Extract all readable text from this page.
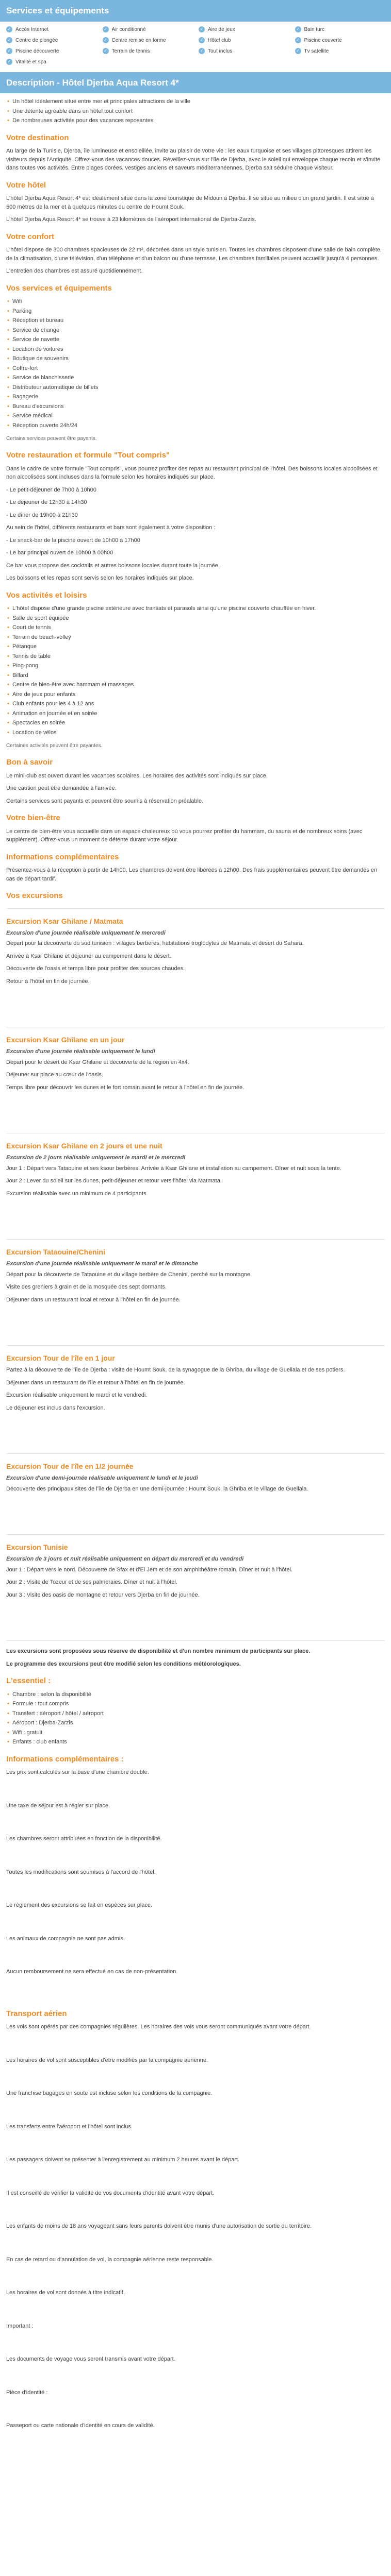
Services et équipements
✓ Accès Internet	✓ Air conditionné	✓ Aire de jeux	✓ Bain turc
✓ Centre de plongée	✓ Centre remise en forme	✓ Hôtel club	✓ Piscine couverte
✓ Piscine découverte	✓ Terrain de tennis	✓ Tout inclus	✓ Tv satellite
✓ Vitalité et spa
Description - Hôtel Djerba Aqua Resort 4*
• Un hôtel idéalement situé entre mer et principales attractions de la ville
• Une détente agréable dans un hôtel tout confort
• De nombreuses activités pour des vacances reposantes
Votre destination

Au large de la Tunisie, Djerba, île lumineuse et ensoleillée, invite au plaisir de votre vie : les eaux turquoise et ses villages pittoresques attirent les visiteurs depuis l'Antiquité. Offrez-vous des vacances douces. Réveillez-vous sur l'île de Djerba, avec le soleil qui enveloppe chaque recoin et s'invite dans toutes vos activités. Entre plages dorées, vestiges anciens et saveurs méditerranéennes, Djerba sait séduire chaque visiteur.

Votre hôtel

L'hôtel Djerba Aqua Resort 4* est idéalement situé dans la zone touristique de Midoun à Djerba. Il se situe au milieu d'un grand jardin. Il est situé à 500 mètres de la mer et à quelques minutes du centre de Houmt Souk.

L'hôtel Djerba Aqua Resort 4* se trouve à 23 kilomètres de l'aéroport international de Djerba-Zarzis.

Votre confort

L'hôtel dispose de 300 chambres spacieuses de 22 m², décorées dans un style tunisien. Toutes les chambres disposent d'une salle de bain complète, de la climatisation, d'une télévision, d'un téléphone et d'un balcon ou d'une terrasse. Les chambres familiales peuvent accueillir jusqu'à 4 personnes.

L'entretien des chambres est assuré quotidiennement.

Vos services et équipements
• Wifi
• Parking
• Réception et bureau
• Service de change
• Service de navette
• Location de voitures
• Boutique de souvenirs
• Coffre-fort
• Service de blanchisserie
• Distributeur automatique de billets
• Bagagerie
• Bureau d'excursions
• Service médical
• Réception ouverte 24h/24

Certains services peuvent être payants.

Votre restauration et formule "Tout compris"

Dans le cadre de votre formule "Tout compris", vous pourrez profiter des repas au restaurant principal de l'hôtel. Des boissons locales alcoolisées et non alcoolisées sont incluses dans la formule selon les horaires indiqués sur place.

- Le petit-déjeuner de 7h00 à 10h00

- Le déjeuner de 12h30 à 14h30

- Le dîner de 19h00 à 21h30

Au sein de l'hôtel, différents restaurants et bars sont également à votre disposition :

- Le snack-bar de la piscine ouvert de 10h00 à 17h00

- Le bar principal ouvert de 10h00 à 00h00

Ce bar vous propose des cocktails et autres boissons locales durant toute la journée.

Les boissons et les repas sont servis selon les horaires indiqués sur place.

Vos activités et loisirs
• L'hôtel dispose d'une grande piscine extérieure avec transats et parasols ainsi qu'une piscine couverte chauffée en hiver.
• Salle de sport équipée
• Court de tennis
• Terrain de beach-volley
• Pétanque
• Tennis de table
• Ping-pong
• Billard
• Centre de bien-être avec hammam et massages
• Aire de jeux pour enfants
• Club enfants pour les 4 à 12 ans
• Animation en journée et en soirée
• Spectacles en soirée
• Location de vélos

Certaines activités peuvent être payantes.

Bon à savoir

Le mini-club est ouvert durant les vacances scolaires. Les horaires des activités sont indiqués sur place.

Une caution peut être demandée à l'arrivée.

Certains services sont payants et peuvent être soumis à réservation préalable.

Votre bien-être

Le centre de bien-être vous accueille dans un espace chaleureux où vous pourrez profiter du hammam, du sauna et de nombreux soins (avec supplément). Offrez-vous un moment de détente durant votre séjour.

Informations complémentaires

Présentez-vous à la réception à partir de 14h00. Les chambres doivent être libérées à 12h00. Des frais supplémentaires peuvent être demandés en cas de départ tardif.

Vos excursions
Excursion Ksar Ghilane / Matmata
Excursion d'une journée réalisable uniquement le mercredi

Départ pour la découverte du sud tunisien : villages berbères, habitations troglodytes de Matmata et désert du Sahara.

Arrivée à Ksar Ghilane et déjeuner au campement dans le désert.

Découverte de l'oasis et temps libre pour profiter des sources chaudes.

Retour à l'hôtel en fin de journée.

Excursion Ksar Ghilane en un jour
Excursion d'une journée réalisable uniquement le lundi

Départ pour le désert de Ksar Ghilane et découverte de la région en 4x4.

Déjeuner sur place au cœur de l'oasis.

Temps libre pour découvrir les dunes et le fort romain avant le retour à l'hôtel en fin de journée.

Excursion Ksar Ghilane en 2 jours et une nuit
Excursion de 2 jours réalisable uniquement le mardi et le mercredi

Jour 1 : Départ vers Tataouine et ses ksour berbères. Arrivée à Ksar Ghilane et installation au campement. Dîner et nuit sous la tente.

Jour 2 : Lever du soleil sur les dunes, petit-déjeuner et retour vers l'hôtel via Matmata.

Excursion réalisable avec un minimum de 4 participants.

Excursion Tataouine/Chenini
Excursion d'une journée réalisable uniquement le mardi et le dimanche

Départ pour la découverte de Tataouine et du village berbère de Chenini, perché sur la montagne.

Visite des greniers à grain et de la mosquée des sept dormants.

Déjeuner dans un restaurant local et retour à l'hôtel en fin de journée.

Excursion Tour de l'île en 1 jour

Partez à la découverte de l'île de Djerba : visite de Houmt Souk, de la synagogue de la Ghriba, du village de Guellala et de ses potiers.

Déjeuner dans un restaurant de l'île et retour à l'hôtel en fin de journée.

Excursion réalisable uniquement le mardi et le vendredi.

Le déjeuner est inclus dans l'excursion.

Excursion Tour de l'île en 1/2 journée
Excursion d'une demi-journée réalisable uniquement le lundi et le jeudi

Découverte des principaux sites de l'île de Djerba en une demi-journée : Houmt Souk, la Ghriba et le village de Guellala.

Excursion Tunisie
Excursion de 3 jours et nuit réalisable uniquement en départ du mercredi et du vendredi

Jour 1 : Départ vers le nord. Découverte de Sfax et d'El Jem et de son amphithéâtre romain. Dîner et nuit à l'hôtel.

Jour 2 : Visite de Tozeur et de ses palmeraies. Dîner et nuit à l'hôtel.

Jour 3 : Visite des oasis de montagne et retour vers Djerba en fin de journée.

Les excursions sont proposées sous réserve de disponibilité et d'un nombre minimum de participants sur place.

Le programme des excursions peut être modifié selon les conditions météorologiques.

L'essentiel :
• Chambre : selon la disponibilité
• Formule : tout compris
• Transfert : aéroport / hôtel / aéroport
• Aéroport : Djerba-Zarzis
• Wifi : gratuit
• Enfants : club enfants
Informations complémentaires :

Les prix sont calculés sur la base d'une chambre double.

Une taxe de séjour est à régler sur place.

Les chambres seront attribuées en fonction de la disponibilité.

Toutes les modifications sont soumises à l'accord de l'hôtel.

Le règlement des excursions se fait en espèces sur place.

Les animaux de compagnie ne sont pas admis.

Aucun remboursement ne sera effectué en cas de non-présentation.

Transport aérien

Les vols sont opérés par des compagnies régulières. Les horaires des vols vous seront communiqués avant votre départ.

Les horaires de vol sont susceptibles d'être modifiés par la compagnie aérienne.

Une franchise bagages en soute est incluse selon les conditions de la compagnie.

Les transferts entre l'aéroport et l'hôtel sont inclus.

Les passagers doivent se présenter à l'enregistrement au minimum 2 heures avant le départ.

Il est conseillé de vérifier la validité de vos documents d'identité avant votre départ.

Les enfants de moins de 18 ans voyageant sans leurs parents doivent être munis d'une autorisation de sortie du territoire.

En cas de retard ou d'annulation de vol, la compagnie aérienne reste responsable.

Les horaires de vol sont donnés à titre indicatif.

Important :

Les documents de voyage vous seront transmis avant votre départ.

Pièce d'identité :

Passeport ou carte nationale d'identité en cours de validité.
